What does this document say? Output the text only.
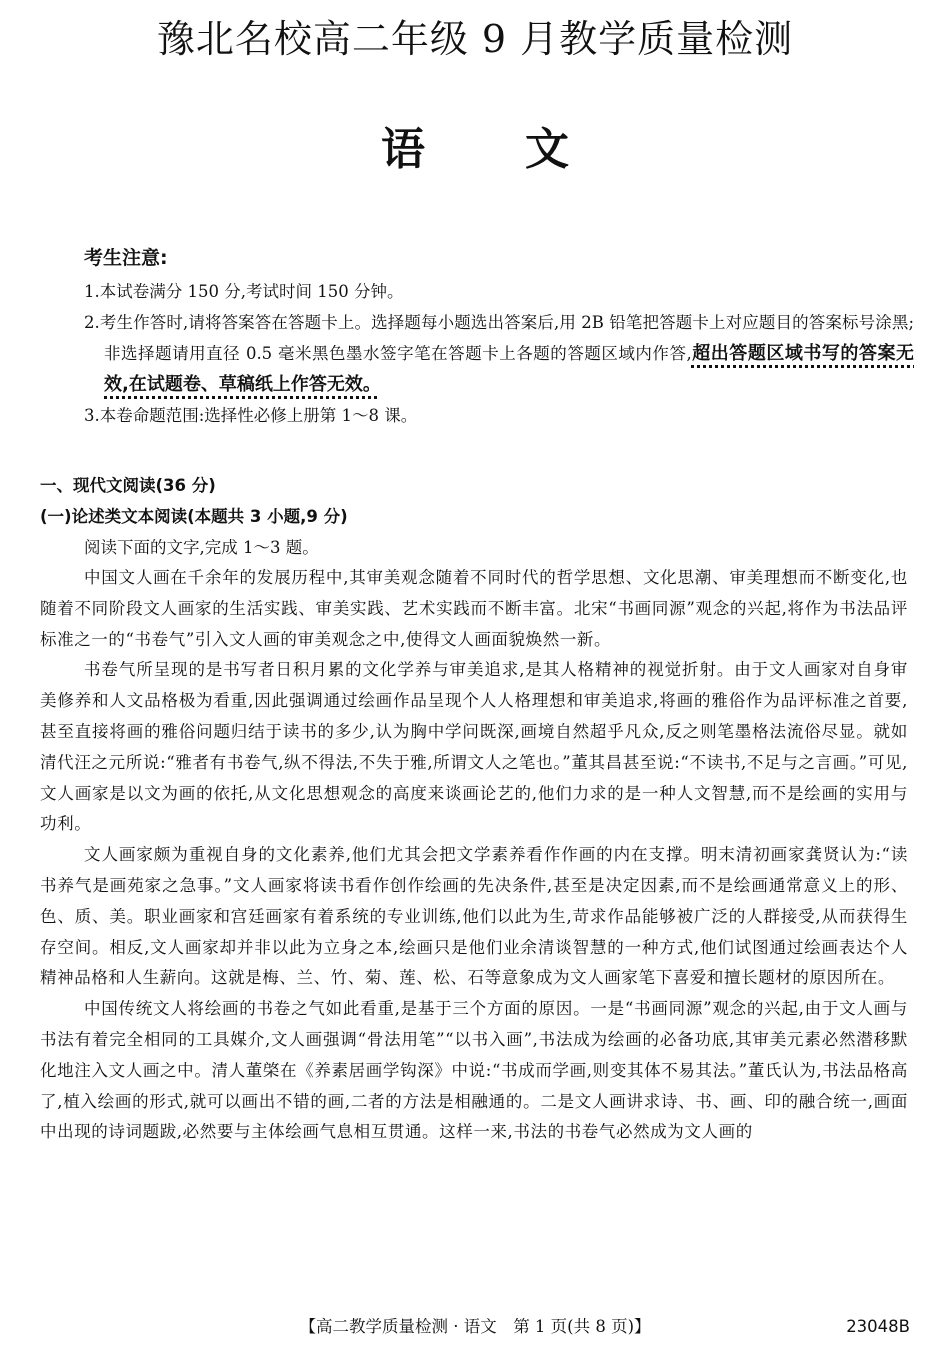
豫北名校高二年级 9 月教学质量检测
语 文
考生注意:
1.本试卷满分 150 分,考试时间 150 分钟。
2.考生作答时,请将答案答在答题卡上。选择题每小题选出答案后,用 2B 铅笔把答题卡上对应题目的答案标号涂黑;非选择题请用直径 0.5 毫米黑色墨水签字笔在答题卡上各题的答题区域内作答,超出答题区域书写的答案无效,在试题卷、草稿纸上作答无效。
3.本卷命题范围:选择性必修上册第 1～8 课。
一、现代文阅读(36 分)
(一)论述类文本阅读(本题共 3 小题,9 分)
阅读下面的文字,完成 1～3 题。

中国文人画在千余年的发展历程中,其审美观念随着不同时代的哲学思想、文化思潮、审美理想而不断变化,也随着不同阶段文人画家的生活实践、审美实践、艺术实践而不断丰富。北宋“书画同源”观念的兴起,将作为书法品评标准之一的“书卷气”引入文人画的审美观念之中,使得文人画面貌焕然一新。

书卷气所呈现的是书写者日积月累的文化学养与审美追求,是其人格精神的视觉折射。由于文人画家对自身审美修养和人文品格极为看重,因此强调通过绘画作品呈现个人人格理想和审美追求,将画的雅俗作为品评标准之首要,甚至直接将画的雅俗问题归结于读书的多少,认为胸中学问既深,画境自然超乎凡众,反之则笔墨格法流俗尽显。就如清代汪之元所说:“雅者有书卷气,纵不得法,不失于雅,所谓文人之笔也。”董其昌甚至说:“不读书,不足与之言画。”可见,文人画家是以文为画的依托,从文化思想观念的高度来谈画论艺的,他们力求的是一种人文智慧,而不是绘画的实用与功利。

文人画家颇为重视自身的文化素养,他们尤其会把文学素养看作作画的内在支撑。明末清初画家龚贤认为:“读书养气是画苑家之急事。”文人画家将读书看作创作绘画的先决条件,甚至是决定因素,而不是绘画通常意义上的形、色、质、美。职业画家和宫廷画家有着系统的专业训练,他们以此为生,苛求作品能够被广泛的人群接受,从而获得生存空间。相反,文人画家却并非以此为立身之本,绘画只是他们业余清谈智慧的一种方式,他们试图通过绘画表达个人精神品格和人生薪向。这就是梅、兰、竹、菊、莲、松、石等意象成为文人画家笔下喜爱和擅长题材的原因所在。

中国传统文人将绘画的书卷之气如此看重,是基于三个方面的原因。一是“书画同源”观念的兴起,由于文人画与书法有着完全相同的工具媒介,文人画强调“骨法用笔”“以书入画”,书法成为绘画的必备功底,其审美元素必然潜移默化地注入文人画之中。清人董棨在《养素居画学钩深》中说:“书成而学画,则变其体不易其法。”董氏认为,书法品格高了,植入绘画的形式,就可以画出不错的画,二者的方法是相融通的。二是文人画讲求诗、书、画、印的融合统一,画面中出现的诗词题跋,必然要与主体绘画气息相互贯通。这样一来,书法的书卷气必然成为文人画的

【高二教学质量检测 · 语文　第 1 页(共 8 页)】	23048B
